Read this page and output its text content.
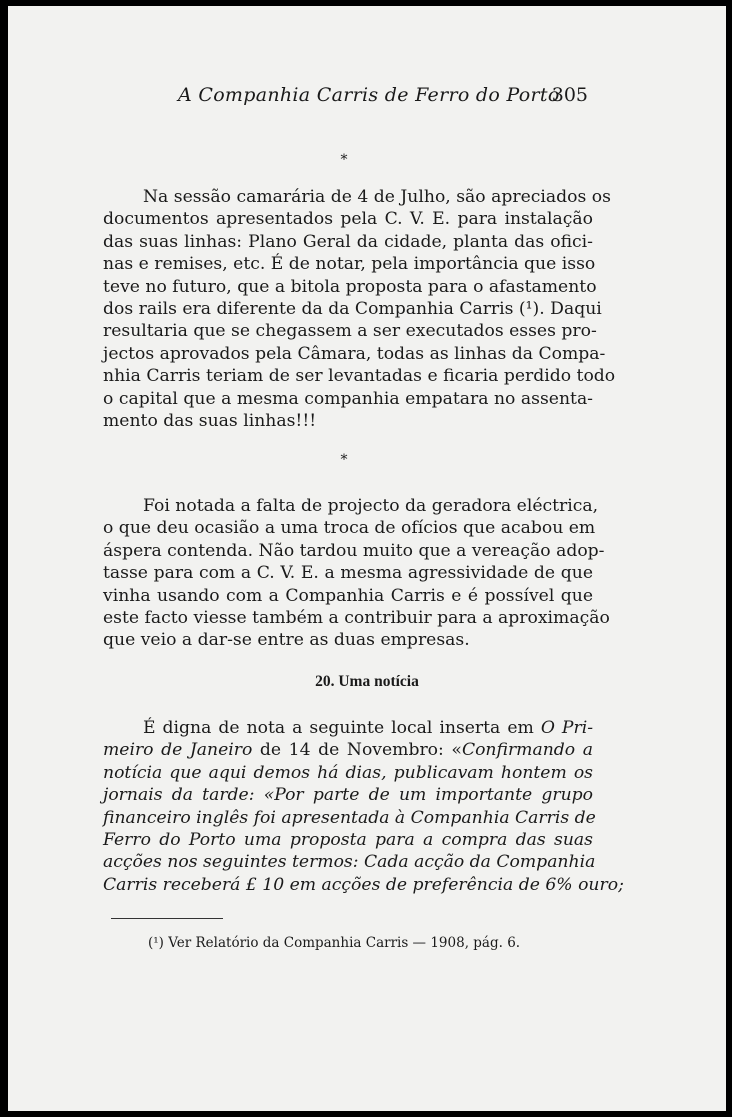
A Companhia Carris de Ferro do Porto
305
*
Na sessão camarária de 4 de Julho, são apreciados os
documentos apresentados pela C. V. E. para instalação
das suas linhas: Plano Geral da cidade, planta das ofici-
nas e remises, etc. É de notar, pela importância que isso
teve no futuro, que a bitola proposta para o afastamento
dos rails era diferente da da Companhia Carris (¹). Daqui
resultaria que se chegassem a ser executados esses pro-
jectos aprovados pela Câmara, todas as linhas da Compa-
nhia Carris teriam de ser levantadas e ficaria perdido todo
o capital que a mesma companhia empatara no assenta-
mento das suas linhas!!!
*
Foi notada a falta de projecto da geradora eléctrica,
o que deu ocasião a uma troca de ofícios que acabou em
áspera contenda. Não tardou muito que a vereação adop-
tasse para com a C. V. E. a mesma agressividade de que
vinha usando com a Companhia Carris e é possível que
este facto viesse também a contribuir para a aproximação
que veio a dar-se entre as duas empresas.
20. Uma notícia
É digna de nota a seguinte local inserta em O Pri-
meiro de Janeiro de 14 de Novembro: «Confirmando a
notícia que aqui demos há dias, publicavam hontem os
jornais da tarde: «Por parte de um importante grupo
financeiro inglês foi apresentada à Companhia Carris de
Ferro do Porto uma proposta para a compra das suas
acções nos seguintes termos: Cada acção da Companhia
Carris receberá £ 10 em acções de preferência de 6% ouro;
(¹) Ver Relatório da Companhia Carris — 1908, pág. 6.
